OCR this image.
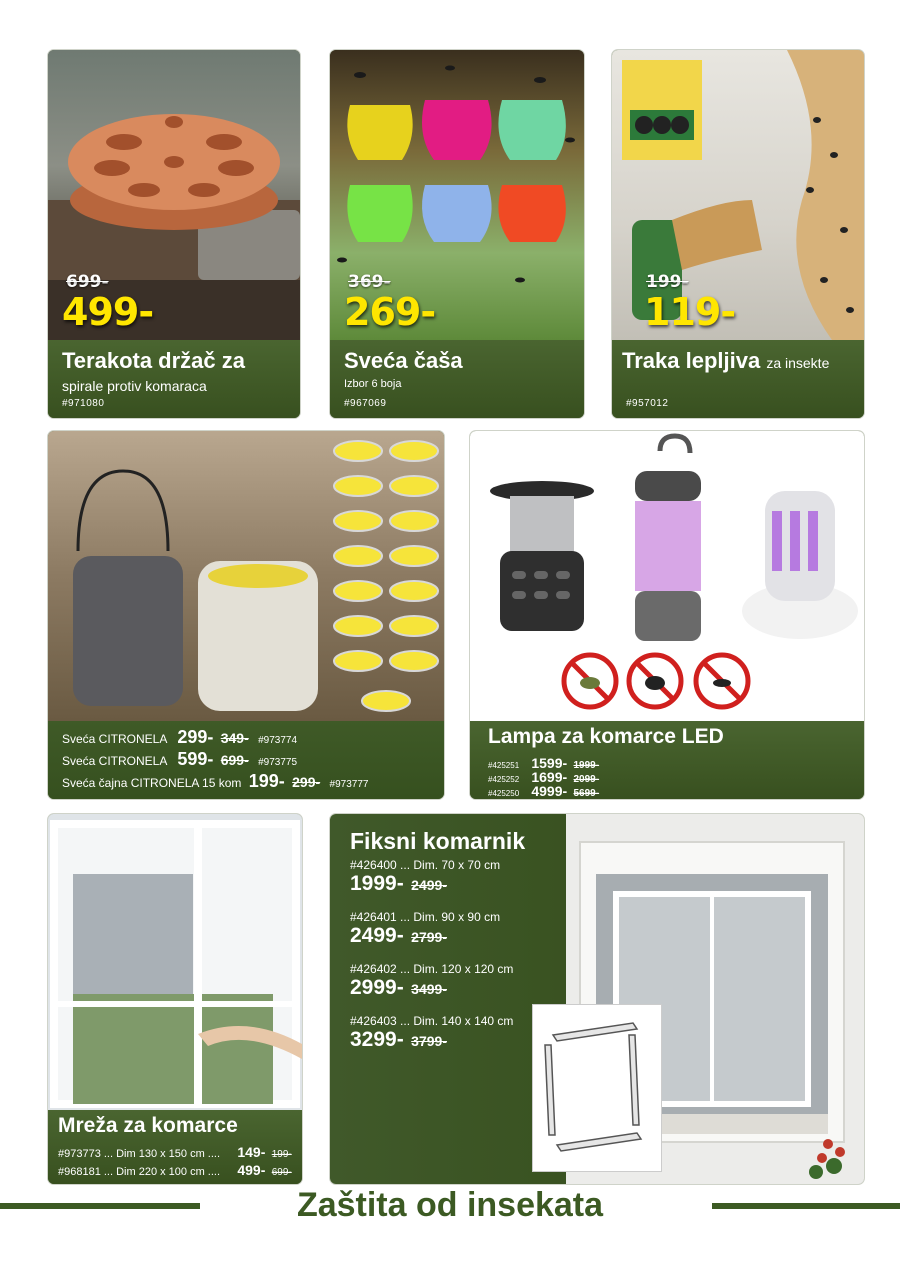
699-
499-
Terakota držač za
spirale protiv komaraca
#971080
369-
269-
Sveća čaša
Izbor 6 boja
#967069
199-
119-
Traka lepljiva za insekte
#957012
Sveća CITRONELA 299- 349- #973774
Sveća CITRONELA 599- 699- #973775
Sveća čajna CITRONELA 15 kom 199- 299- #973777
Lampa za komarce LED
#425251 1599- 1999-
#425252 1699- 2099-
#425250 4999- 5699-
Mreža za komarce
#973773 ... Dim 130 x 150 cm .... 149- 199-
#968181 ... Dim 220 x 100 cm .... 499- 699-
Fiksni komarnik
#426400 ... Dim. 70 x 70 cm
1999- 2499-
#426401 ... Dim. 90 x 90 cm
2499- 2799-
#426402 ... Dim. 120 x 120 cm
2999- 3499-
#426403 ... Dim. 140 x 140 cm
3299- 3799-
Zaštita od insekata
